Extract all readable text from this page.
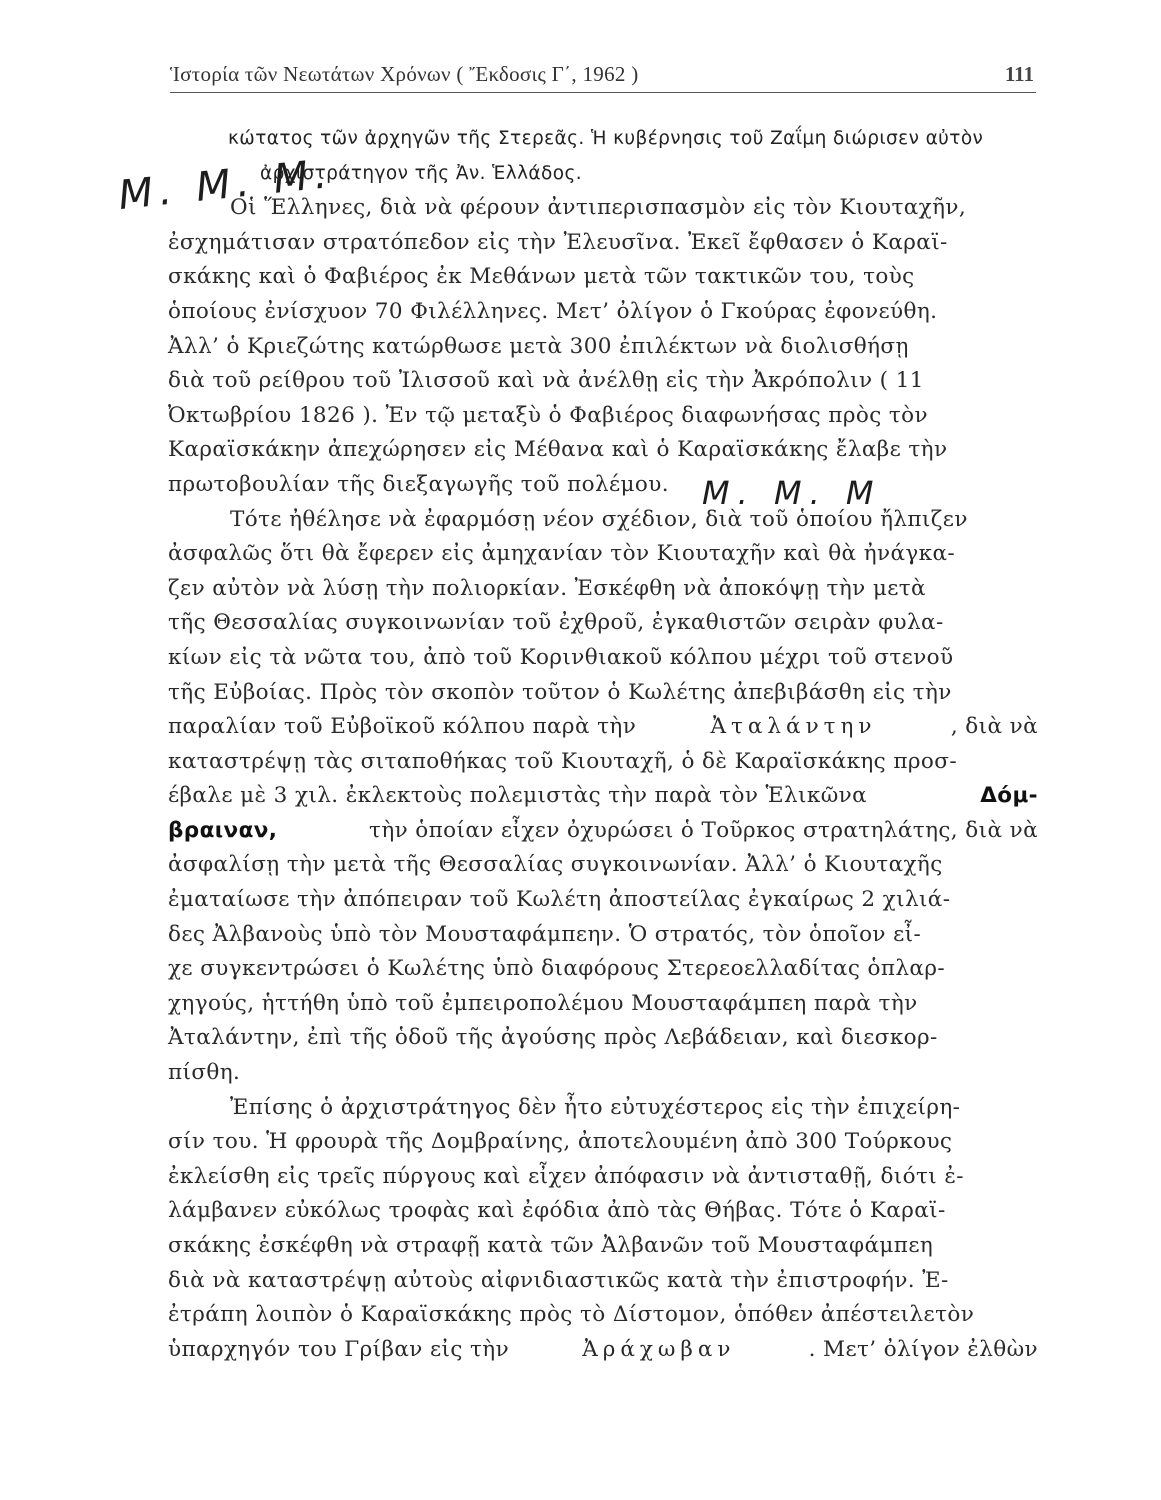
Ἱστορία τῶν Νεωτάτων Χρόνων ( Ἔκδοσις Γ΄, 1962 )	111
Μ. Μ. Μ.
κώτατος τῶν ἀρχηγῶν τῆς Στερεᾶς. Ἡ κυβέρνησις τοῦ Ζαΐμη διώρισεν αὐτὸν
ἀρχιστράτηγον τῆς Ἀν. Ἑλλάδος.
Οἱ Ἕλληνες, διὰ νὰ φέρουν ἀντιπερισπασμὸν εἰς τὸν Κιουταχῆν,
ἐσχημάτισαν στρατόπεδον εἰς τὴν Ἐλευσῖνα. Ἐκεῖ ἔφθασεν ὁ Καραϊ-
σκάκης καὶ ὁ Φαβιέρος ἐκ Μεθάνων μετὰ τῶν τακτικῶν του, τοὺς
ὁποίους ἐνίσχυον 70 Φιλέλληνες. Μετ’ ὀλίγον ὁ Γκούρας ἐφονεύθη.
Ἀλλ’ ὁ Κριεζώτης κατώρθωσε μετὰ 300 ἐπιλέκτων νὰ διολισθήσῃ
διὰ τοῦ ρείθρου τοῦ Ἰλισσοῦ καὶ νὰ ἀνέλθῃ εἰς τὴν Ἀκρόπολιν ( 11
Ὀκτωβρίου 1826 ). Ἐν τῷ μεταξὺ ὁ Φαβιέρος διαφωνήσας πρὸς τὸν
Καραϊσκάκην ἀπεχώρησεν εἰς Μέθανα καὶ ὁ Καραϊσκάκης ἔλαβε τὴν
πρωτοβουλίαν τῆς διεξαγωγῆς τοῦ πολέμου.
Τότε ἠθέλησε νὰ ἐφαρμόσῃ νέον σχέδιον, διὰ τοῦ ὁποίου ἤλπιζεν
ἀσφαλῶς ὅτι θὰ ἔφερεν εἰς ἀμηχανίαν τὸν Κιουταχῆν καὶ θὰ ἠνάγκα-
ζεν αὐτὸν νὰ λύσῃ τὴν πολιορκίαν. Ἐσκέφθη νὰ ἀποκόψῃ τὴν μετὰ
τῆς Θεσσαλίας συγκοινωνίαν τοῦ ἐχθροῦ, ἐγκαθιστῶν σειρὰν φυλα-
κίων εἰς τὰ νῶτα του, ἀπὸ τοῦ Κορινθιακοῦ κόλπου μέχρι τοῦ στενοῦ
τῆς Εὐβοίας. Πρὸς τὸν σκοπὸν τοῦτον ὁ Κωλέτης ἀπεβιβάσθη εἰς τὴν
παραλίαν τοῦ Εὐβοϊκοῦ κόλπου παρὰ τὴν	Ἀταλάντην	, διὰ νὰ
καταστρέψῃ τὰς σιταποθήκας τοῦ Κιουταχῆ, ὁ δὲ Καραϊσκάκης προσ-
έβαλε μὲ 3 χιλ. ἐκλεκτοὺς πολεμιστὰς τὴν παρὰ τὸν Ἑλικῶνα	Δόμ-
βραιναν,	τὴν ὁποίαν εἶχεν ὀχυρώσει ὁ Τοῦρκος στρατηλάτης, διὰ νὰ
ἀσφαλίσῃ τὴν μετὰ τῆς Θεσσαλίας συγκοινωνίαν. Ἀλλ’ ὁ Κιουταχῆς
ἐματαίωσε τὴν ἀπόπειραν τοῦ Κωλέτη ἀποστείλας ἐγκαίρως 2 χιλιά-
δες Ἀλβανοὺς ὑπὸ τὸν Μουσταφάμπεην. Ὁ στρατός, τὸν ὁποῖον εἶ-
χε συγκεντρώσει ὁ Κωλέτης ὑπὸ διαφόρους Στερεοελλαδίτας ὁπλαρ-
χηγούς, ἡττήθη ὑπὸ τοῦ ἐμπειροπολέμου Μουσταφάμπεη παρὰ τὴν
Ἀταλάντην, ἐπὶ τῆς ὁδοῦ τῆς ἀγούσης πρὸς Λεβάδειαν, καὶ διεσκορ-
πίσθη.
Ἐπίσης ὁ ἀρχιστράτηγος δὲν ἦτο εὐτυχέστερος εἰς τὴν ἐπιχείρη-
σίν του. Ἡ φρουρὰ τῆς Δομβραίνης, ἀποτελουμένη ἀπὸ 300 Τούρκους
ἐκλείσθη εἰς τρεῖς πύργους καὶ εἶχεν ἀπόφασιν νὰ ἀντισταθῇ, διότι ἐ-
λάμβανεν εὐκόλως τροφὰς καὶ ἐφόδια ἀπὸ τὰς Θήβας. Τότε ὁ Καραϊ-
σκάκης ἐσκέφθη νὰ στραφῇ κατὰ τῶν Ἀλβανῶν τοῦ Μουσταφάμπεη
διὰ νὰ καταστρέψῃ αὐτοὺς αἰφνιδιαστικῶς κατὰ τὴν ἐπιστροφήν. Ἐ-
ἐτράπη λοιπὸν ὁ Καραϊσκάκης πρὸς τὸ Δίστομον, ὁπόθεν ἀπέστειλετὸν
ὑπαρχηγόν του Γρίβαν εἰς τὴν	Ἀράχωβαν	. Μετ’ ὀλίγον ἐλθὼν
Μ. Μ. Μ
